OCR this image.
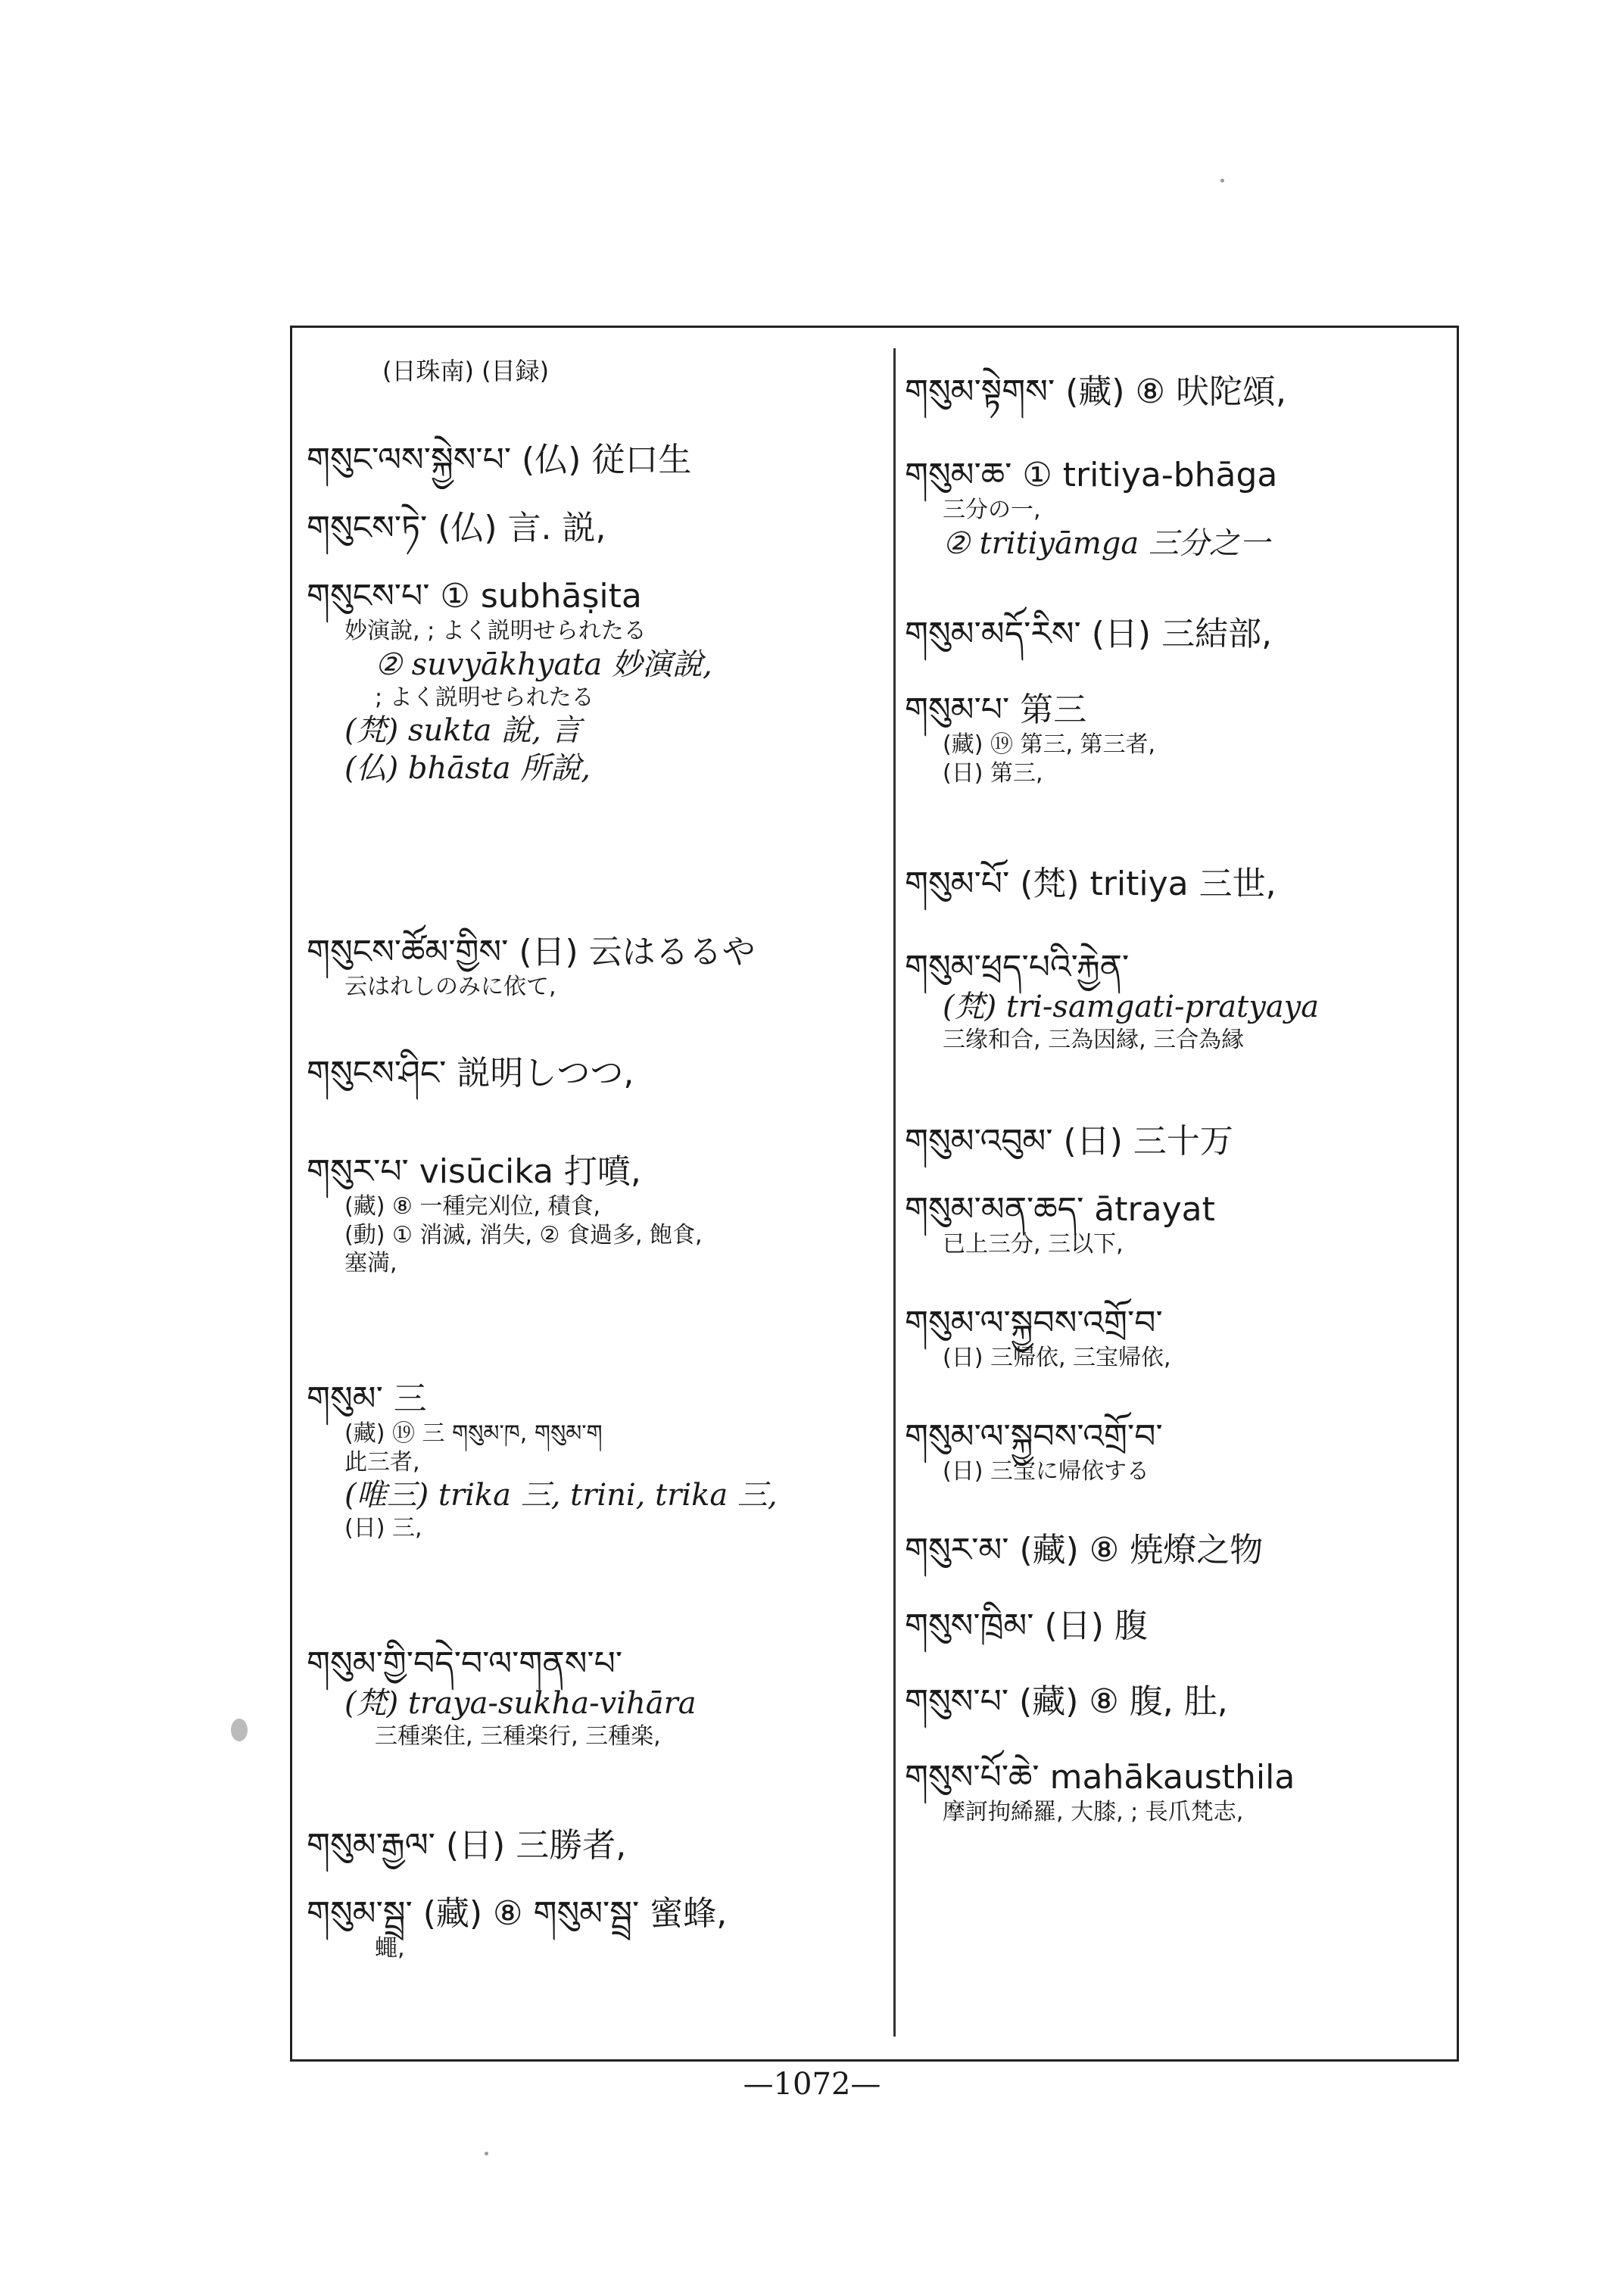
(日珠南) (目録)
གསུང་ལས་སྐྱེས་པ་ (仏) 従口生
གསུངས་ཏེ་ (仏) 言. 説,
གསུངས་པ་ ① subhāṣita
妙演說, ; よく説明せられたる
② suvyākhyata 妙演說,
; よく説明せられたる
(梵) sukta 說, 言
(仏) bhāsta 所說,
གསུངས་ཚོམ་གྱིས་ (日) 云はるるや
云はれしのみに依て,
གསུངས་ཤིང་ 説明しつつ,
གསུར་པ་ visūcika 打噴,
(藏) ⑧ 一種完刈位, 積食,
(動) ① 消滅, 消失, ② 食過多, 飽食,
塞満,
གསུམ་ 三
(藏) ⑲ 三 གསུམ་ཁ, གསུམ་ག
此三者,
(唯三) trika 三, trini, trika 三,
(日) 三,
གསུམ་གྱི་བདེ་བ་ལ་གནས་པ་
(梵) traya-sukha-vihāra
三種楽住, 三種楽行, 三種楽,
གསུམ་རྒྱལ་ (日) 三勝者,
གསུམ་སྦྲ་ (藏) ⑧ གསུམ་སྦྲ་ 蜜蜂,
蠅,
གསུམ་སྟེགས་ (藏) ⑧ 吠陀頌,
གསུམ་ཆ་ ① tritiya-bhāga
三分の一,
② tritiyāmga 三分之一
གསུམ་མདོ་རིས་ (日) 三結部,
གསུམ་པ་ 第三
(藏) ⑲ 第三, 第三者,
(日) 第三,
གསུམ་པོ་ (梵) tritiya 三世,
གསུམ་ཕྲད་པའི་རྐྱེན་
(梵) tri-samgati-pratyaya
三缘和合, 三為因縁, 三合為縁
གསུམ་འབུམ་ (日) 三十万
གསུམ་མན་ཆད་ ātrayat
已上三分, 三以下,
གསུམ་ལ་སྐྱབས་འགྲོ་བ་
(日) 三帰依, 三宝帰依,
གསུམ་ལ་སྐྱབས་འགྲོ་བ་
(日) 三宝に帰依する
གསུར་མ་ (藏) ⑧ 焼燎之物
གསུས་ཁྲིམ་ (日) 腹
གསུས་པ་ (藏) ⑧ 腹, 肚,
གསུས་པོ་ཆེ་ mahākausthila
摩訶拘絺羅, 大膝, ; 長爪梵志,
—1072—
